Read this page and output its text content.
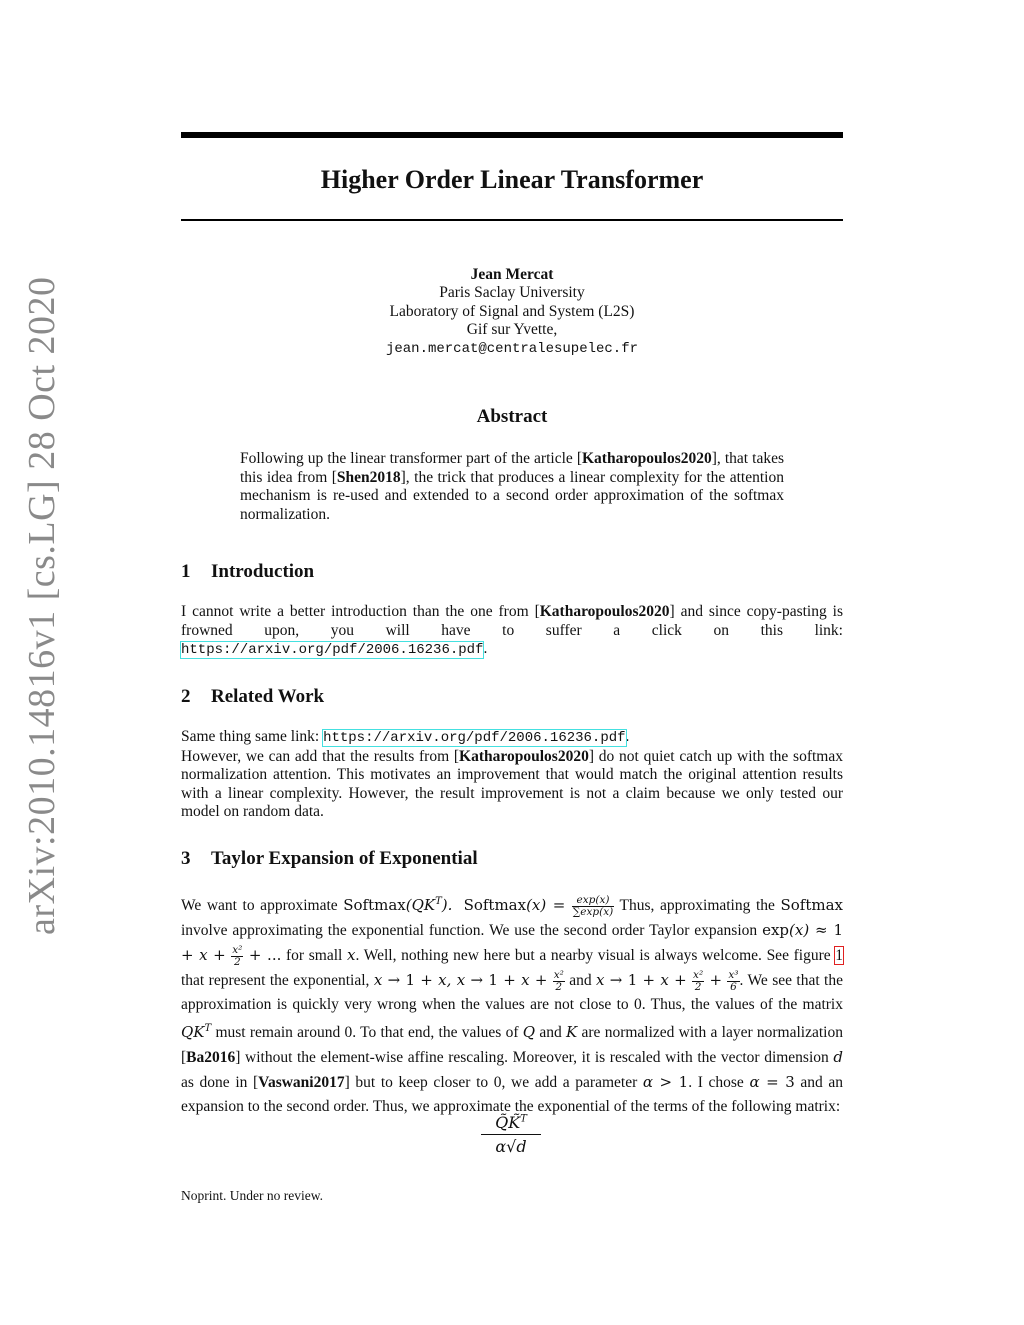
arXiv:2010.14816v1 [cs.LG] 28 Oct 2020
Higher Order Linear Transformer
Jean Mercat
Paris Saclay University
Laboratory of Signal and System (L2S)
Gif sur Yvette,
jean.mercat@centralesupelec.fr
Abstract
Following up the linear transformer part of the article [Katharopoulos2020], that takes this idea from [Shen2018], the trick that produces a linear complexity for the attention mechanism is re-used and extended to a second order approximation of the softmax normalization.
1 Introduction
I cannot write a better introduction than the one from [Katharopoulos2020] and since copy-pasting is frowned upon, you will have to suffer a click on this link: https://arxiv.org/pdf/2006.16236.pdf.
2 Related Work
Same thing same link: https://arxiv.org/pdf/2006.16236.pdf.
However, we can add that the results from [Katharopoulos2020] do not quiet catch up with the softmax normalization attention. This motivates an improvement that would match the original attention results with a linear complexity. However, the result improvement is not a claim because we only tested our model on random data.
3 Taylor Expansion of Exponential
We want to approximate $Softmax(QK^T)$. Softmax(x) = $\frac{\exp(x)}{\sum\exp(x)}$ Thus, approximating the Softmax involve approximating the exponential function. We use the second order Taylor expansion $\exp(x) \approx 1 + x + \frac{\text{x²}}{2}$ + ... for small x. Well, nothing new here but a nearby visual is always welcome. See figure 1 that represent the exponential, x → 1 + x, $x \to 1 + x + \frac{\text{x²}}{2}$ and $x \to 1 + x + \frac{\text{x²}}{2} + \frac{\text{x³}}{6}$ . We see that the approximation is quickly very wrong when the values are not close to 0. Thus, the values of the matrix $QK^T$ must remain around 0. To that end, the values of Q and K are normalized with a layer normalization [Ba2016] without the element-wise affine rescaling. Moreover, it is rescaled with the vector dimension d as done in [Vaswani2017] but to keep closer to 0, we add a parameter α > 1. I chose α = 3 and an expansion to the second order. Thus, we approximate the exponential of the terms of the following matrix:
Q̃K̃$^T$
α√d
Noprint. Under no review.
